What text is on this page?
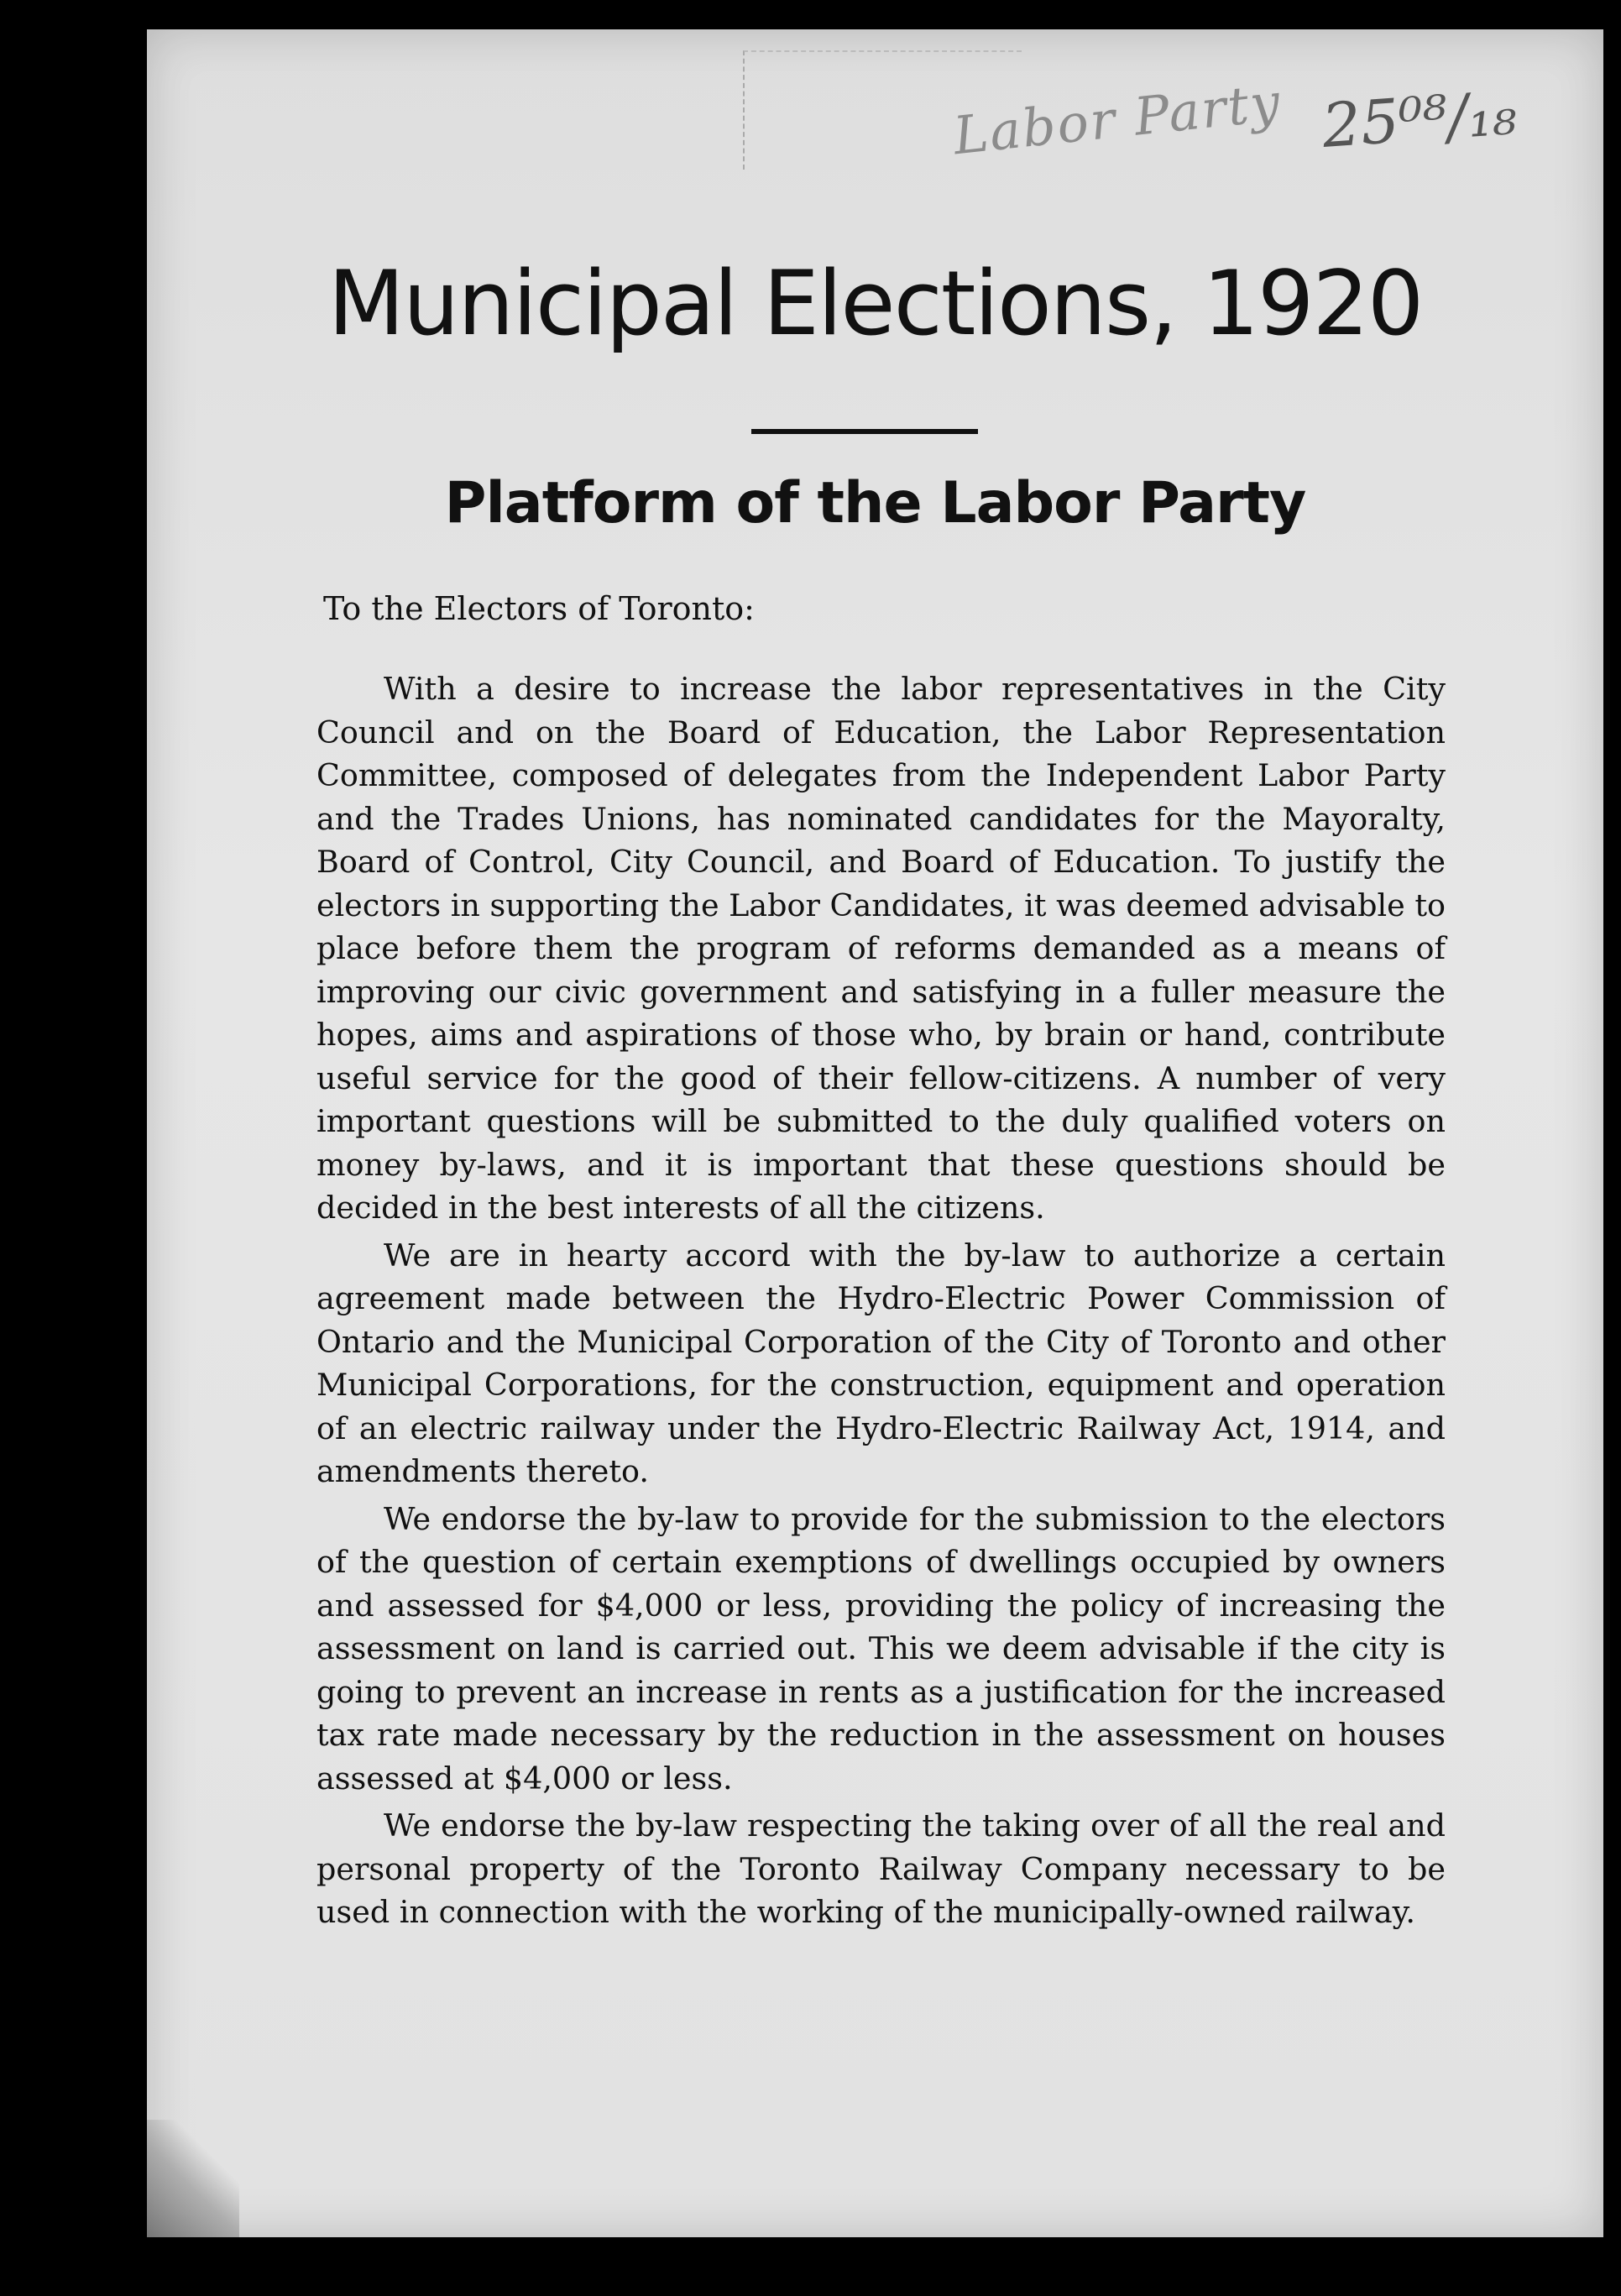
Labor Party 25⁰⁸/₁₈
Municipal Elections, 1920
Platform of the Labor Party

To the Electors of Toronto:

With a desire to increase the labor representatives in the City Council and on the Board of Education, the Labor Representation Committee, composed of delegates from the Independent Labor Party and the Trades Unions, has nominated candidates for the Mayoralty, Board of Control, City Council, and Board of Education. To justify the electors in supporting the Labor Candidates, it was deemed advisable to place before them the program of reforms demanded as a means of improving our civic government and satisfying in a fuller measure the hopes, aims and aspirations of those who, by brain or hand, contribute useful service for the good of their fellow-citizens. A number of very important questions will be submitted to the duly qualified voters on money by-laws, and it is important that these questions should be decided in the best interests of all the citizens.

We are in hearty accord with the by-law to authorize a certain agreement made between the Hydro-Electric Power Commission of Ontario and the Municipal Corporation of the City of Toronto and other Municipal Corporations, for the construction, equipment and operation of an electric railway under the Hydro-Electric Railway Act, 1914, and amendments thereto.

We endorse the by-law to provide for the submission to the electors of the question of certain exemptions of dwellings occupied by owners and assessed for $4,000 or less, providing the policy of increasing the assessment on land is carried out. This we deem advisable if the city is going to prevent an increase in rents as a justification for the increased tax rate made necessary by the reduction in the assessment on houses assessed at $4,000 or less.

We endorse the by-law respecting the taking over of all the real and personal property of the Toronto Railway Company necessary to be used in connection with the working of the municipally-owned railway.
